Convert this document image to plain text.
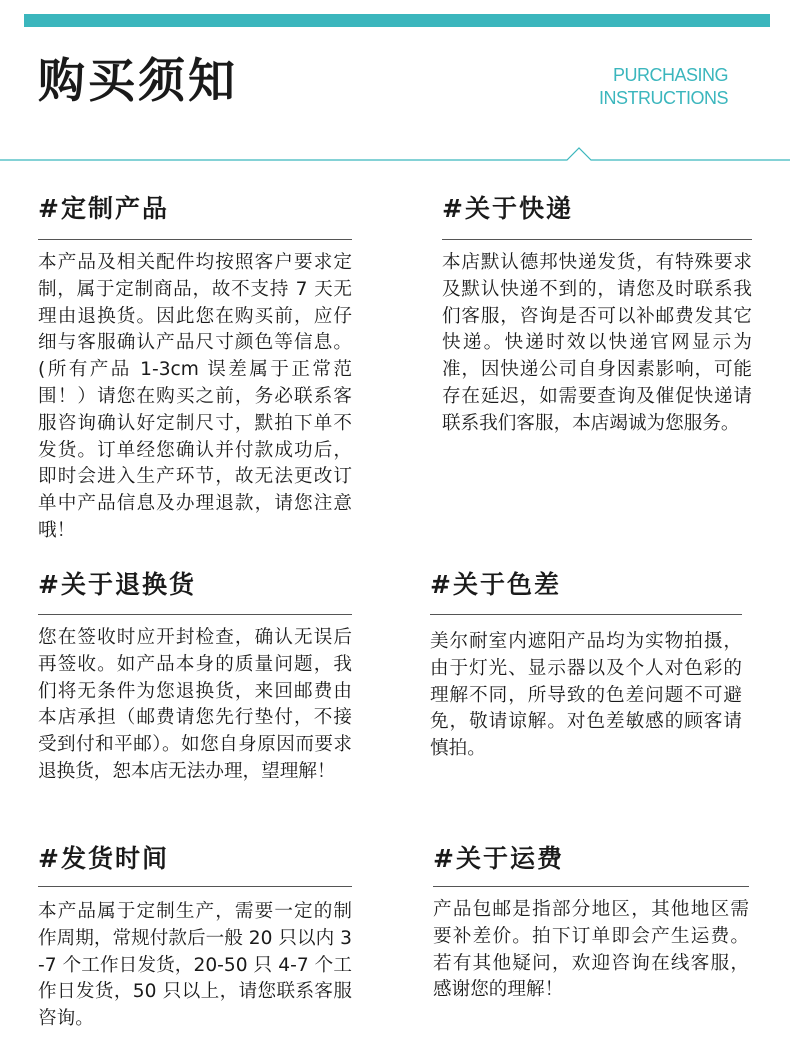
购买须知	PURCHASING
INSTRUCTIONS
#定制产品

本产品及相关配件均按照客户要求定制，属于定制商品，故不支持 7 天无理由退换货。因此您在购买前，应仔细与客服确认产品尺寸颜色等信息。(所有产品 1-3cm 误差属于正常范围！）请您在购买之前，务必联系客服咨询确认好定制尺寸，默拍下单不发货。订单经您确认并付款成功后，即时会进入生产环节，故无法更改订单中产品信息及办理退款，请您注意哦！

#关于快递

本店默认德邦快递发货，有特殊要求及默认快递不到的，请您及时联系我们客服，咨询是否可以补邮费发其它快递。快递时效以快递官网显示为准，因快递公司自身因素影响，可能存在延迟，如需要查询及催促快递请联系我们客服，本店竭诚为您服务。

#关于退换货

您在签收时应开封检查，确认无误后再签收。如产品本身的质量问题，我们将无条件为您退换货，来回邮费由本店承担（邮费请您先行垫付，不接受到付和平邮）。如您自身原因而要求退换货，恕本店无法办理，望理解！

#关于色差

美尔耐室内遮阳产品均为实物拍摄，由于灯光、显示器以及个人对色彩的理解不同，所导致的色差问题不可避免，敬请谅解。对色差敏感的顾客请慎拍。

#发货时间

本产品属于定制生产，需要一定的制作周期，常规付款后一般 20 只以内 3-7 个工作日发货，20-50 只 4-7 个工作日发货，50 只以上，请您联系客服咨询。

#关于运费

产品包邮是指部分地区，其他地区需要补差价。拍下订单即会产生运费。若有其他疑问，欢迎咨询在线客服，感谢您的理解！
